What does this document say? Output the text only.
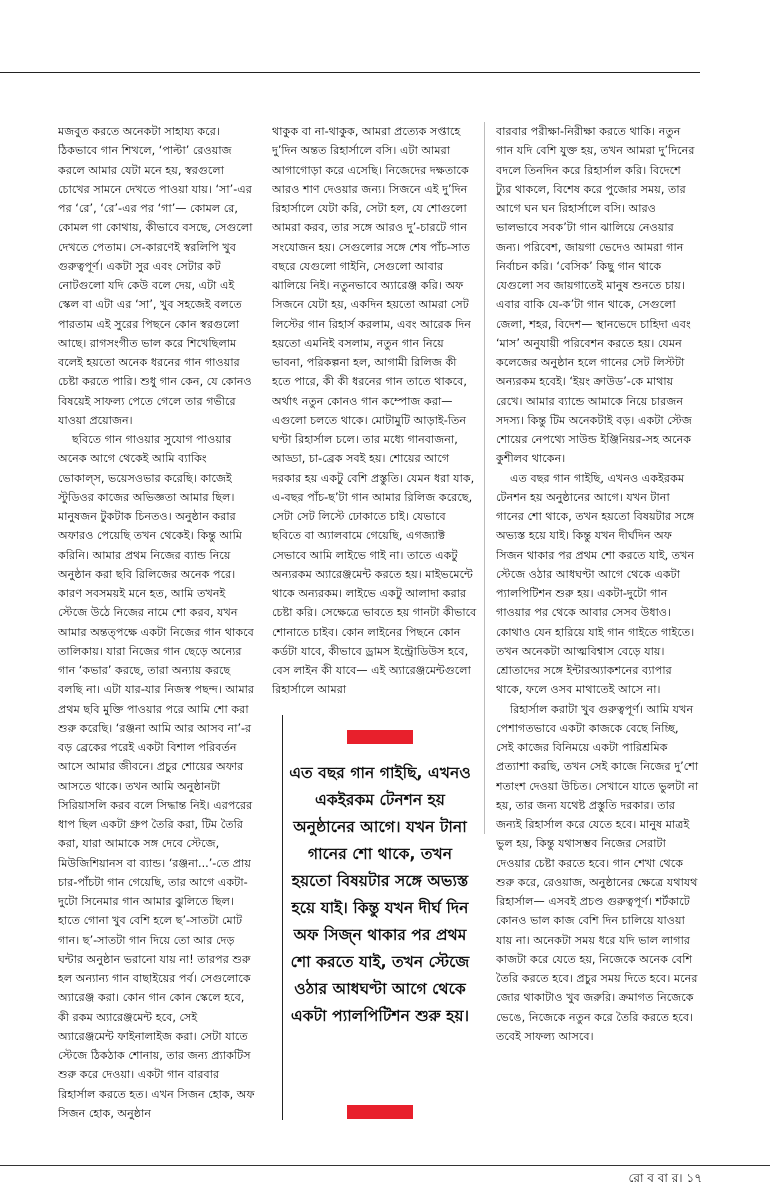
মজবুত করতে অনেকটা সাহায্য করে। ঠিকভাবে গান শিখলে, ‘পাল্টা’ রেওয়াজ করলে আমার যেটা মনে হয়, স্বরগুলো চোখের সামনে দেখতে পাওয়া যায়। ‘সা’-এর পর ‘রে’, ‘রে’-এর পর ‘গা’— কোমল রে, কোমল গা কোথায়, কীভাবে বসছে, সেগুলো দেখতে পেতাম। সে-কারণেই স্বরলিপি খুব গুরুত্বপূর্ণ। একটা সুর এবং সেটার কট নোটগুলো যদি কেউ বলে দেয়, এটা এই স্কেল বা এটা এর ‘সা’, খুব সহজেই বলতে পারতাম এই সুরের পিছনে কোন স্বরগুলো আছে। রাগসংগীত ভাল করে শিখেছিলাম বলেই হয়তো অনেক ধরনের গান গাওয়ার চেষ্টা করতে পারি। শুধু গান কেন, যে কোনও বিষয়েই সাফল্য পেতে গেলে তার গভীরে যাওয়া প্রয়োজন।

ছবিতে গান গাওয়ার সুযোগ পাওয়ার অনেক আগে থেকেই আমি ব্যাকিং ভোকাল্‌স, ভয়েসওভার করেছি। কাজেই স্টুডিওর কাজের অভিজ্ঞতা আমার ছিল। মানুষজন টুকটাক চিনতও। অনুষ্ঠান করার অফারও পেয়েছি তখন থেকেই। কিন্তু আমি করিনি। আমার প্রথম নিজের ব্যান্ড নিয়ে অনুষ্ঠান করা ছবি রিলিজের অনেক পরে। কারণ সবসময়ই মনে হত, আমি তখনই স্টেজে উঠে নিজের নামে শো করব, যখন আমার অন্তত্পক্ষে একটা নিজের গান থাকবে তালিকায়। যারা নিজের গান ছেড়ে অন্যের গান ‘কভার’ করছে, তারা অন্যায় করছে বলছি না। এটা যার-যার নিজস্ব পছন্দ। আমার প্রথম ছবি মুক্তি পাওয়ার পরে আমি শো করা শুরু করেছি। ‘রঞ্জনা আমি আর আসব না’-র বড় ব্রেকের পরেই একটা বিশাল পরিবর্তন আসে আমার জীবনে। প্রচুর শোয়ের অফার আসতে থাকে। তখন আমি অনুষ্ঠানটা সিরিয়াসলি করব বলে সিদ্ধান্ত নিই। এরপরের ধাপ ছিল একটা গ্রুপ তৈরি করা, টিম তৈরি করা, যারা আমাকে সঙ্গ দেবে স্টেজে, মিউজিশিয়ানস বা ব্যান্ড। ‘রঞ্জনা...’-তে প্রায় চার-পাঁচটা গান গেয়েছি, তার আগে একটা-দুটো সিনেমার গান আমার ঝুলিতে ছিল। হাতে গোনা খুব বেশি হলে ছ’-সাতটা মোট গান। ছ’-সাতটা গান দিয়ে তো আর দেড় ঘন্টার অনুষ্ঠান ভরানো যায় না! তারপর শুরু হল অন্যান্য গান বাছাইয়ের পর্ব। সেগুলোকে অ্যারেঞ্জ করা। কোন গান কোন স্কেলে হবে, কী রকম অ্যারেঞ্জমেন্ট হবে, সেই অ্যারেঞ্জমেন্ট ফাইনালাইজ করা। সেটা যাতে স্টেজে ঠিকঠাক শোনায়, তার জন্য প্র্যাকটিস শুরু করে দেওয়া। একটা গান বারবার রিহার্সাল করতে হত। এখন সিজন হোক, অফ সিজন হোক, অনুষ্ঠান

থাকুক বা না-থাকুক, আমরা প্রত্যেক সপ্তাহে দু’দিন অন্তত রিহার্সালে বসি। এটা আমরা আগাগোড়া করে এসেছি। নিজেদের দক্ষতাকে আরও শাণ দেওয়ার জন্য। সিজনে এই দু’দিন রিহার্সালে যেটা করি, সেটা হল, যে শোগুলো আমরা করব, তার সঙ্গে আরও দু’-চারটে গান সংযোজন হয়। সেগুলোর সঙ্গে শেষ পাঁচ-সাত বছরে যেগুলো গাইনি, সেগুলো আবার ঝালিয়ে নিই। নতুনভাবে অ্যারেঞ্জ করি। অফ সিজনে যেটা হয়, একদিন হয়তো আমরা সেট লিস্টের গান রিহার্স করলাম, এবং আরেক দিন হয়তো এমনিই বসলাম, নতুন গান নিয়ে ভাবনা, পরিকল্পনা হল, আগামী রিলিজ কী হতে পারে, কী কী ধরনের গান তাতে থাকবে, অর্থাৎ নতুন কোনও গান কম্পোজ করা— এগুলো চলতে থাকে। মোটামুটি আড়াই-তিন ঘণ্টা রিহার্সাল চলে। তার মধ্যে গানবাজনা, আড্ডা, চা-ব্রেক সবই হয়। শোয়ের আগে দরকার হয় একটু বেশি প্রস্তুতি। যেমন ধরা যাক, এ-বছর পাঁচ-ছ’টা গান আমার রিলিজ করেছে, সেটা সেট লিস্টে ঢোকাতে চাই। যেভাবে ছবিতে বা অ্যালবামে গেয়েছি, এগজ্যাক্ট সেভাবে আমি লাইভে গাই না। তাতে একটু অন্যরকম অ্যারেঞ্জমেন্ট করতে হয়। মাইভমেন্টে থাকে অন্যরকম। লাইভে একটু আলাদা করার চেষ্টা করি। সেক্ষেত্রে ভাবতে হয় গানটা কীভাবে শোনাতে চাইব। কোন লাইনের পিছনে কোন কর্ডটা যাবে, কীভাবে ড্রামস ইন্ট্রোডিউস হবে, বেস লাইন কী যাবে— এই অ্যারেঞ্জমেন্টগুলো রিহার্সালে আমরা

বারবার পরীক্ষা-নিরীক্ষা করতে থাকি। নতুন গান যদি বেশি যুক্ত হয়, তখন আমরা দু’দিনের বদলে তিনদিন করে রিহার্সাল করি। বিদেশে ট্যুর থাকলে, বিশেষ করে পুজোর সময়, তার আগে ঘন ঘন রিহার্সালে বসি। আরও ভালভাবে সবক’টা গান ঝালিয়ে নেওয়ার জন্য। পরিবেশ, জায়গা ভেদেও আমরা গান নির্বাচন করি। ‘বেসিক’ কিছু গান থাকে যেগুলো সব জায়গাতেই মানুষ শুনতে চায়। এবার বাকি যে-ক’টা গান থাকে, সেগুলো জেলা, শহর, বিদেশ— স্থানভেদে চাহিদা এবং ‘মাস’ অনুযায়ী পরিবেশন করতে হয়। যেমন কলেজের অনুষ্ঠান হলে গানের সেট লিস্টটা অন্যরকম হবেই। ‘ইয়ং ক্রাউড’-কে মাথায় রেখে। আমার ব্যান্ডে আমাকে নিয়ে চারজন সদস্য। কিন্তু টিম অনেকটাই বড়। একটা স্টেজ শোয়ের নেপথ্যে সাউন্ড ইঞ্জিনিয়র-সহ অনেক কুশীলব থাকেন।

এত বছর গান গাইছি, এখনও একইরকম টেনশন হয় অনুষ্ঠানের আগে। যখন টানা গানের শো থাকে, তখন হয়তো বিষয়টার সঙ্গে অভ্যস্ত হয়ে যাই। কিন্তু যখন দীর্ঘদিন অফ সিজন থাকার পর প্রথম শো করতে যাই, তখন স্টেজে ওঠার আধঘণ্টা আগে থেকে একটা প্যালপিটিশন শুরু হয়। একটা-দুটো গান গাওয়ার পর থেকে আবার সেসব উধাও। কোথাও যেন হারিয়ে যাই গান গাইতে গাইতে। তখন অনেকটা আত্মবিশ্বাস বেড়ে যায়। শ্রোতাদের সঙ্গে ইন্টারঅ্যাকশনের ব্যাপার থাকে, ফলে ওসব মাথাতেই আসে না।

রিহার্সাল করাটা খুব গুরুত্বপূর্ণ। আমি যখন পেশাগতভাবে একটা কাজকে বেছে নিচ্ছি, সেই কাজের বিনিময়ে একটা পারিশ্রমিক প্রত্যাশা করছি, তখন সেই কাজে নিজের দু’শো শতাংশ দেওয়া উচিত। সেখানে যাতে ভুলটা না হয়, তার জন্য যথেষ্ট প্রস্তুতি দরকার। তার জন্যই রিহার্সাল করে যেতে হবে। মানুষ মাত্রই ভুল হয়, কিন্তু যথাসম্ভব নিজের সেরাটা দেওয়ার চেষ্টা করতে হবে। গান শেখা থেকে শুরু করে, রেওয়াজ, অনুষ্ঠানের ক্ষেত্রে যথাযথ রিহার্সাল— এসবই প্রচণ্ড গুরুত্বপূর্ণ। শর্টকাটে কোনও ভাল কাজ বেশি দিন চালিয়ে যাওয়া যায় না। অনেকটা সময় ধরে যদি ভাল লাগার কাজটা করে যেতে হয়, নিজেকে অনেক বেশি তৈরি করতে হবে। প্রচুর সময় দিতে হবে। মনের জোর থাকাটাও খুব জরুরি। ক্রমাগত নিজেকে ভেঙে, নিজেকে নতুন করে তৈরি করতে হবে। তবেই সাফল্য আসবে।

এত বছর গান গাইছি, এখনও একইরকম টেনশন হয় অনুষ্ঠানের আগে। যখন টানা গানের শো থাকে, তখন হয়তো বিষয়টার সঙ্গে অভ্যস্ত হয়ে যাই। কিন্তু যখন দীর্ঘ দিন অফ সিজ্‌ন থাকার পর প্রথম শো করতে যাই, তখন স্টেজে ওঠার আধঘণ্টা আগে থেকে একটা প্যালপিটিশন শুরু হয়।

রো ব বা র। ১৭
